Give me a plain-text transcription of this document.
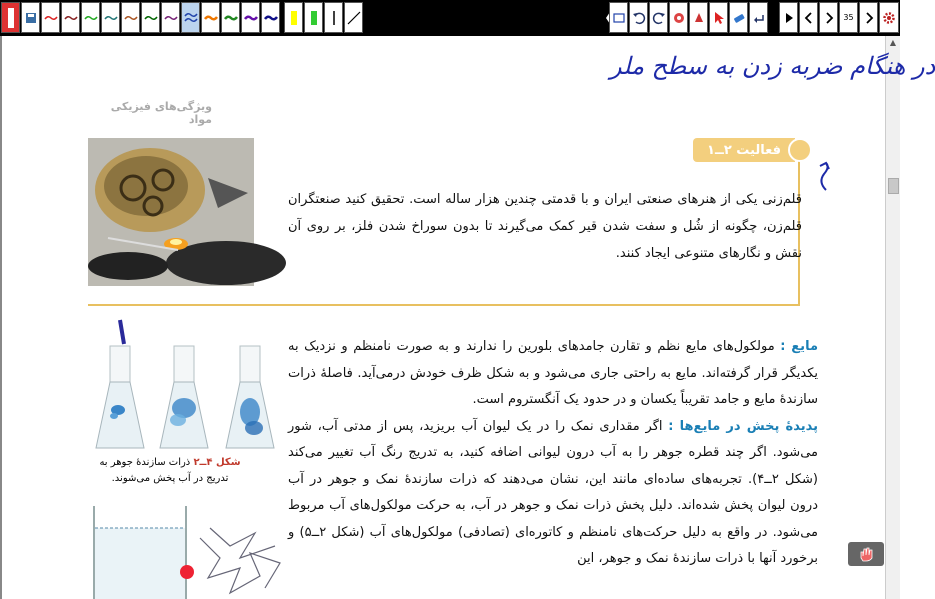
35
▲
در هنگام ضربه زدن به سطح ملر
ویژگی‌های فیزیکی مواد
فعالیت ۲ــ۱
قلم‌زنی یکی از هنرهای صنعتی ایران و با قدمتی چندین هزار ساله است. تحقیق کنید صنعتگران قلم‌زن، چگونه از شُل و سفت شدن قیر کمک می‌گیرند تا بدون سوراخ شدن فلز، بر روی آن نقش و نگارهای متنوعی ایجاد کنند.
شکل ۴ــ۲ ذرات سازندۀ جوهر به تدریج در آب پخش می‌شوند.
مایع : مولکول‌های مایع نظم و تقارن جامدهای بلورین را ندارند و به صورت نامنظم و نزدیک به یکدیگر قرار گرفته‌اند. مایع به راحتی جاری می‌شود و به شکل ظرف خودش درمی‌آید. فاصلۀ ذرات سازندۀ مایع و جامد تقریباً یکسان و در حدود یک آنگستروم است.
پدیدۀ پخش در مایع‌ها : اگر مقداری نمک را در یک لیوان آب بریزید، پس از مدتی آب، شور می‌شود. اگر چند قطره جوهر را به آب درون لیوانی اضافه کنید، به تدریج رنگ آب تغییر می‌کند (شکل ۲ــ۴). تجربه‌های ساده‌ای مانند این، نشان می‌دهند که ذرات سازندۀ نمک و جوهر در آب درون لیوان پخش شده‌اند. دلیل پخش ذرات نمک و جوهر در آب، به حرکت مولکول‌های آب مربوط می‌شود. در واقع به دلیل حرکت‌های نامنظم و کاتوره‌ای (تصادفی) مولکول‌های آب (شکل ۲ــ۵) و برخورد آنها با ذرات سازندۀ نمک و جوهر، این
